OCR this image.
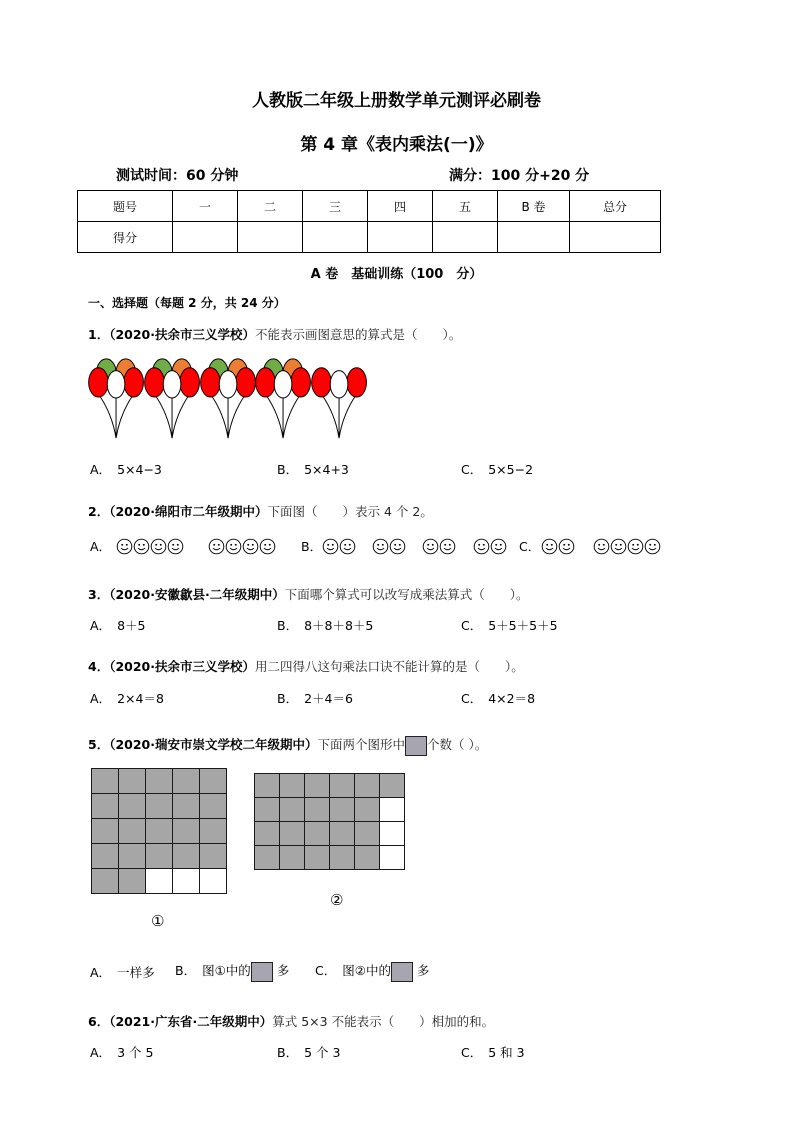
人教版二年级上册数学单元测评必刷卷
第 4 章《表内乘法(一)》
测试时间：60 分钟	满分：100 分+20 分
题号	一	二	三	四	五	B 卷	总分
得分							
A 卷　基础训练（100　分）
一、选择题（每题 2 分，共 24 分）
1．（2020·扶余市三义学校）不能表示画图意思的算式是（　　）。
A． 5×4−3	B． 5×4+3	C． 5×5−2
2．（2020·绵阳市二年级期中）下面图（　　）表示 4 个 2。
A．
	B．
	C．

3．（2020·安徽歙县·二年级期中）下面哪个算式可以改写成乘法算式（　　）。
A． 8＋5	B． 8＋8＋8＋5	C． 5＋5＋5＋5
4．（2020·扶余市三义学校）用二四得八这句乘法口诀不能计算的是（　　）。
A． 2×4＝8	B． 2＋4＝6	C． 4×2＝8
5．（2020·瑞安市崇文学校二年级期中）下面两个图形中 个数（ ）。

①

②
A． 一样多 B． 图①中的 多 C． 图②中的 多
6．（2021·广东省·二年级期中）算式 5×3 不能表示（　　）相加的和。
A． 3 个 5	B． 5 个 3	C． 5 和 3
